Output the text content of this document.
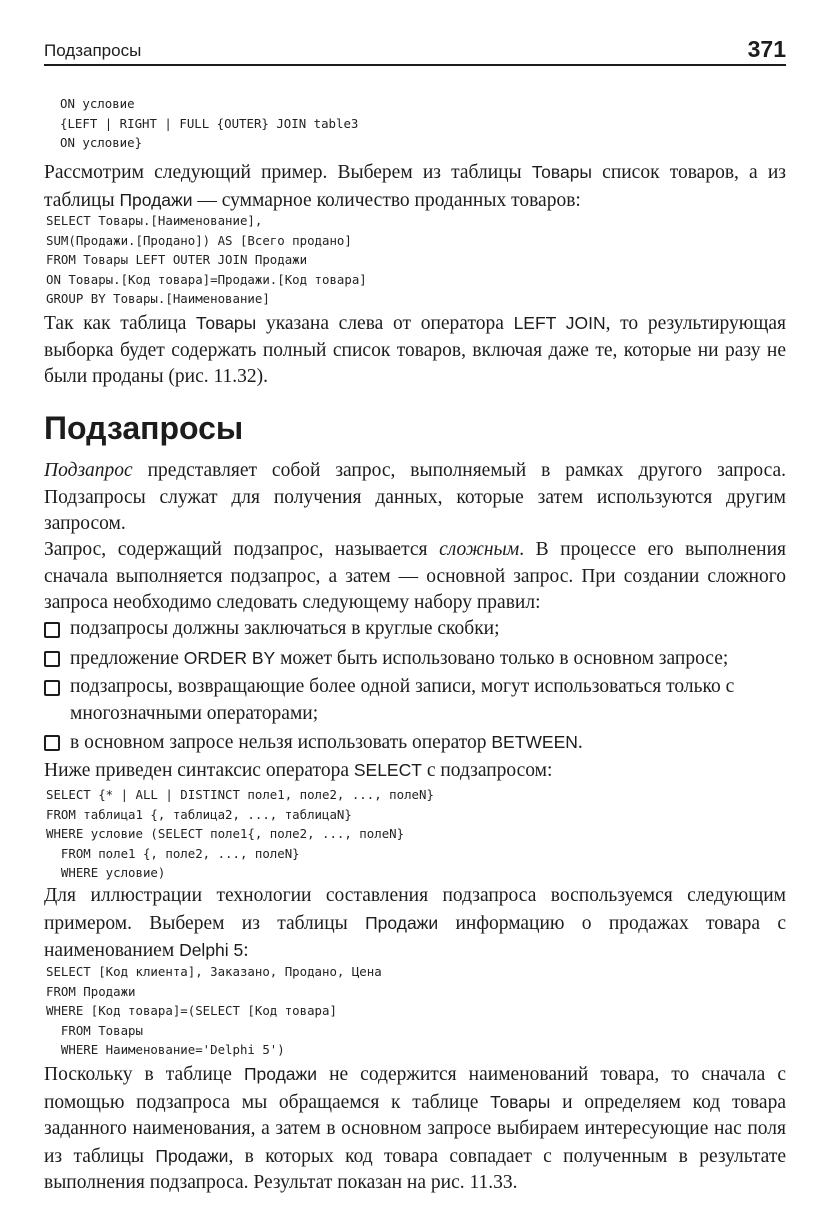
Подзапросы	371
ON условие
{LEFT | RIGHT | FULL {OUTER} JOIN table3
ON условие}

Рассмотрим следующий пример. Выберем из таблицы Товары список товаров, а из таблицы Продажи — суммарное количество проданных товаров:

SELECT Товары.[Наименование],
SUM(Продажи.[Продано]) AS [Всего продано]
FROM Товары LEFT OUTER JOIN Продажи
ON Товары.[Код товара]=Продажи.[Код товара]
GROUP BY Товары.[Наименование]

Так как таблица Товары указана слева от оператора LEFT JOIN, то результирующая выборка будет содержать полный список товаров, включая даже те, которые ни разу не были проданы (рис. 11.32).

Подзапросы

Подзапрос представляет собой запрос, выполняемый в рамках другого запроса. Подзапросы служат для получения данных, которые затем используются другим запросом.

Запрос, содержащий подзапрос, называется сложным. В процессе его выполнения сначала выполняется подзапрос, а затем — основной запрос. При создании сложного запроса необходимо следовать следующему набору правил:

подзапросы должны заключаться в круглые скобки;
предложение ORDER BY может быть использовано только в основном запросе;
подзапросы, возвращающие более одной записи, могут использоваться только с многозначными операторами;
в основном запросе нельзя использовать оператор BETWEEN.

Ниже приведен синтаксис оператора SELECT с подзапросом:

SELECT {* | ALL | DISTINCT поле1, поле2, ..., полеN}
FROM таблица1 {, таблица2, ..., таблицаN}
WHERE условие (SELECT поле1{, поле2, ..., полеN}
FROM поле1 {, поле2, ..., полеN}
WHERE условие)

Для иллюстрации технологии составления подзапроса воспользуемся следующим примером. Выберем из таблицы Продажи информацию о продажах товара с наименованием Delphi 5:

SELECT [Код клиента], Заказано, Продано, Цена
FROM Продажи
WHERE [Код товара]=(SELECT [Код товара]
FROM Товары
WHERE Наименование='Delphi 5')

Поскольку в таблице Продажи не содержится наименований товара, то сначала с помощью подзапроса мы обращаемся к таблице Товары и определяем код товара заданного наименования, а затем в основном запросе выбираем интересующие нас поля из таблицы Продажи, в которых код товара совпадает с полученным в результате выполнения подзапроса. Результат показан на рис. 11.33.
